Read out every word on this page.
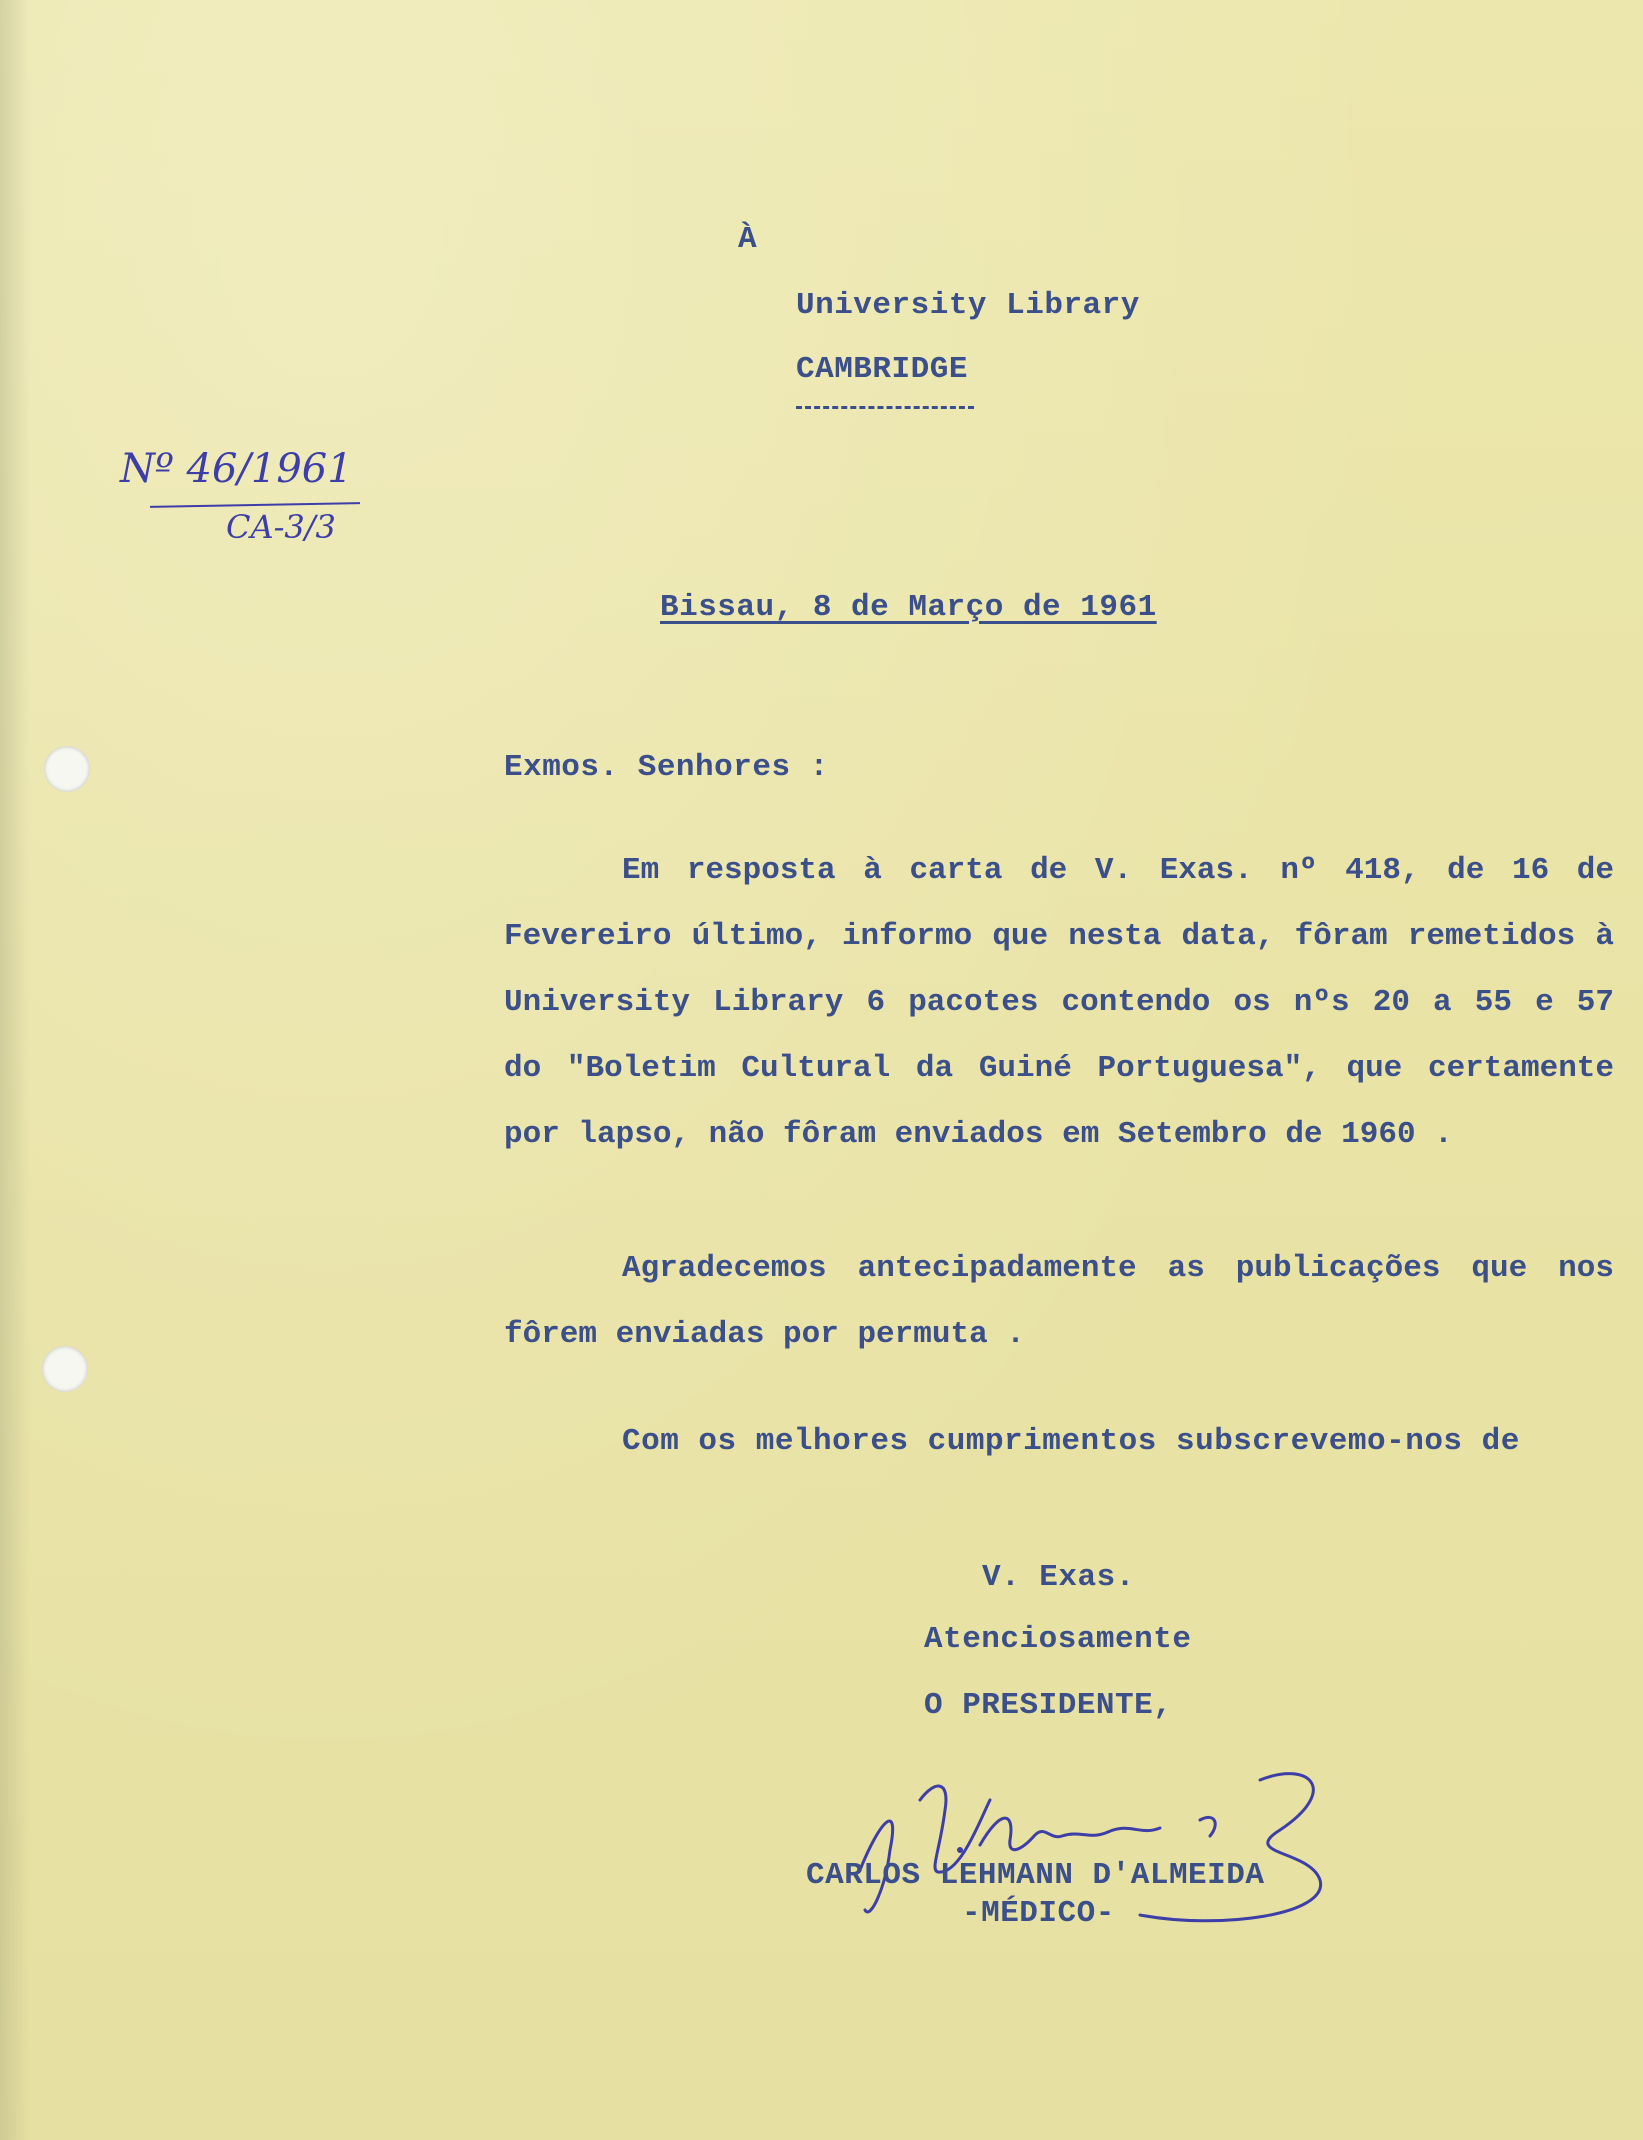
À
University Library
CAMBRIDGE
Nº 46/1961
CA-3/3
Bissau, 8 de Março de 1961
Exmos. Senhores :
Em resposta à carta de V. Exas. nº 418, de 16 de Fevereiro último, informo que nesta data, fôram remetidos à University Library 6 pacotes contendo os nºs 20 a 55 e 57 do "Boletim Cultural da Guiné Portuguesa", que certamente por lapso, não fôram enviados em Setembro de 1960 .
Agradecemos antecipadamente as publicações que nos fôrem enviadas por permuta .
Com os melhores cumprimentos subscrevemo-nos de
V. Exas.
Atenciosamente
O PRESIDENTE,
CARLOS LEHMANN D'ALMEIDA
-MÉDICO-
